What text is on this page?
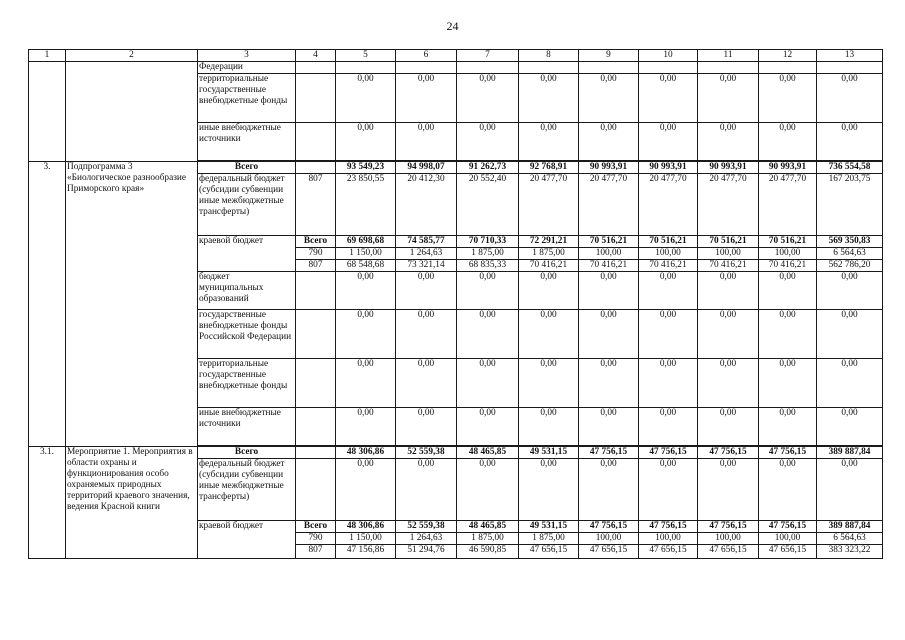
24
1	2	3	4	5	6	7	8	9	10	11	12	13
		Федерации										
		территориальные государственные внебюджетные фонды		0,00	0,00	0,00	0,00	0,00	0,00	0,00	0,00	0,00
		иные внебюджетные источники		0,00	0,00	0,00	0,00	0,00	0,00	0,00	0,00	0,00

3.	Подпрограмма 3 «Биологическое разнообразие Приморского края»	Всего		93 549,23	94 998,07	91 262,73	92 768,91	90 993,91	90 993,91	90 993,91	90 993,91	736 554,58
		федеральный бюджет (субсидии субвенции иные межбюджетные трансферты)	807	23 850,55	20 412,30	20 552,40	20 477,70	20 477,70	20 477,70	20 477,70	20 477,70	167 203,75
		краевой бюджет	Всего	69 698,68	74 585,77	70 710,33	72 291,21	70 516,21	70 516,21	70 516,21	70 516,21	569 350,83
			790	1 150,00	1 264,63	1 875,00	1 875,00	100,00	100,00	100,00	100,00	6 564,63
			807	68 548,68	73 321,14	68 835,33	70 416,21	70 416,21	70 416,21	70 416,21	70 416,21	562 786,20
		бюджет муниципальных образований		0,00	0,00	0,00	0,00	0,00	0,00	0,00	0,00	0,00
		государственные внебюджетные фонды Российской Федерации		0,00	0,00	0,00	0,00	0,00	0,00	0,00	0,00	0,00
		территориальные государственные внебюджетные фонды		0,00	0,00	0,00	0,00	0,00	0,00	0,00	0,00	0,00
		иные внебюджетные источники		0,00	0,00	0,00	0,00	0,00	0,00	0,00	0,00	0,00

3.1.	Мероприятие 1. Мероприятия в области охраны и функционирования особо охраняемых природных территорий краевого значения, ведения Красной книги	Всего		48 306,86	52 559,38	48 465,85	49 531,15	47 756,15	47 756,15	47 756,15	47 756,15	389 887,84
		федеральный бюджет (субсидии субвенции иные межбюджетные трансферты)		0,00	0,00	0,00	0,00	0,00	0,00	0,00	0,00	0,00
		краевой бюджет	Всего	48 306,86	52 559,38	48 465,85	49 531,15	47 756,15	47 756,15	47 756,15	47 756,15	389 887,84
			790	1 150,00	1 264,63	1 875,00	1 875,00	100,00	100,00	100,00	100,00	6 564,63
			807	47 156,86	51 294,76	46 590,85	47 656,15	47 656,15	47 656,15	47 656,15	47 656,15	383 323,22
